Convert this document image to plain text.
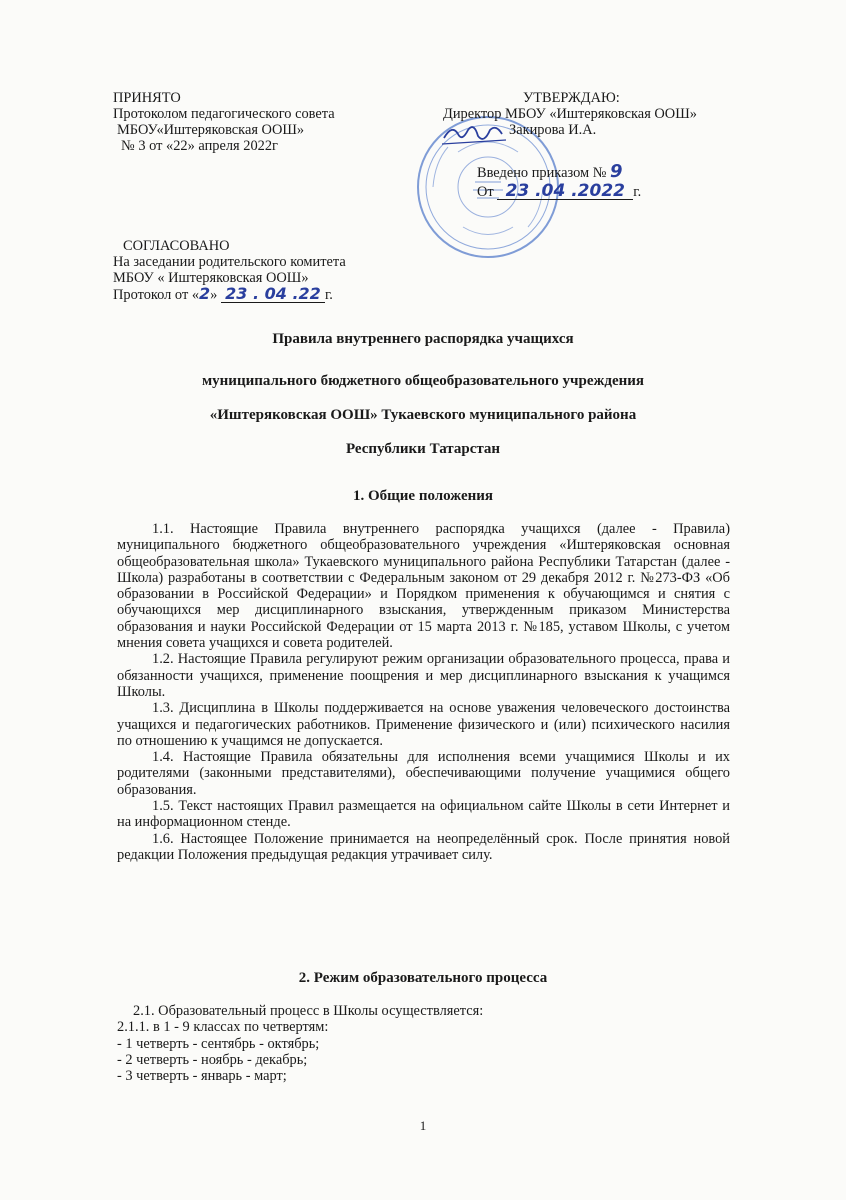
ПРИНЯТО
Протоколом педагогического совета
МБОУ«Иштеряковская ООШ»
№ 3 от «22» апреля 2022г
УТВЕРЖДАЮ:
Директор МБОУ «Иштеряковская ООШ»
Закирова И.А.
Введено приказом № 9
От 23 .04 .2022 г.
СОГЛАСОВАНО
На заседании родительского комитета
МБОУ « Иштеряковская ООШ»
Протокол от «2» 23 . 04 .22 г.
Правила внутреннего распорядка учащихся
муниципального бюджетного общеобразовательного учреждения
«Иштеряковская ООШ» Тукаевского муниципального района
Республики Татарстан
1. Общие положения

1.1. Настоящие Правила внутреннего распорядка учащихся (далее - Правила) муниципального бюджетного общеобразовательного учреждения «Иштеряковская основная общеобразовательная школа» Тукаевского муниципального района Республики Татарстан (далее - Школа) разработаны в соответствии с Федеральным законом от 29 декабря 2012 г. №273-ФЗ «Об образовании в Российской Федерации» и Порядком применения к обучающимся и снятия с обучающихся мер дисциплинарного взыскания, утвержденным приказом Министерства образования и науки Российской Федерации от 15 марта 2013 г. №185, уставом Школы, с учетом мнения совета учащихся и совета родителей.

1.2. Настоящие Правила регулируют режим организации образовательного процесса, права и обязанности учащихся, применение поощрения и мер дисциплинарного взыскания к учащимся Школы.

1.3. Дисциплина в Школы поддерживается на основе уважения человеческого достоинства учащихся и педагогических работников. Применение физического и (или) психического насилия по отношению к учащимся не допускается.

1.4. Настоящие Правила обязательны для исполнения всеми учащимися Школы и их родителями (законными представителями), обеспечивающими получение учащимися общего образования.

1.5. Текст настоящих Правил размещается на официальном сайте Школы в сети Интернет и на информационном стенде.

1.6. Настоящее Положение принимается на неопределённый срок. После принятия новой редакции Положения предыдущая редакция утрачивает силу.

2. Режим образовательного процесса

2.1. Образовательный процесс в Школы осуществляется:

2.1.1. в 1 - 9 классах по четвертям:

- 1 четверть - сентябрь - октябрь;

- 2 четверть - ноябрь - декабрь;

- 3 четверть - январь - март;

1
